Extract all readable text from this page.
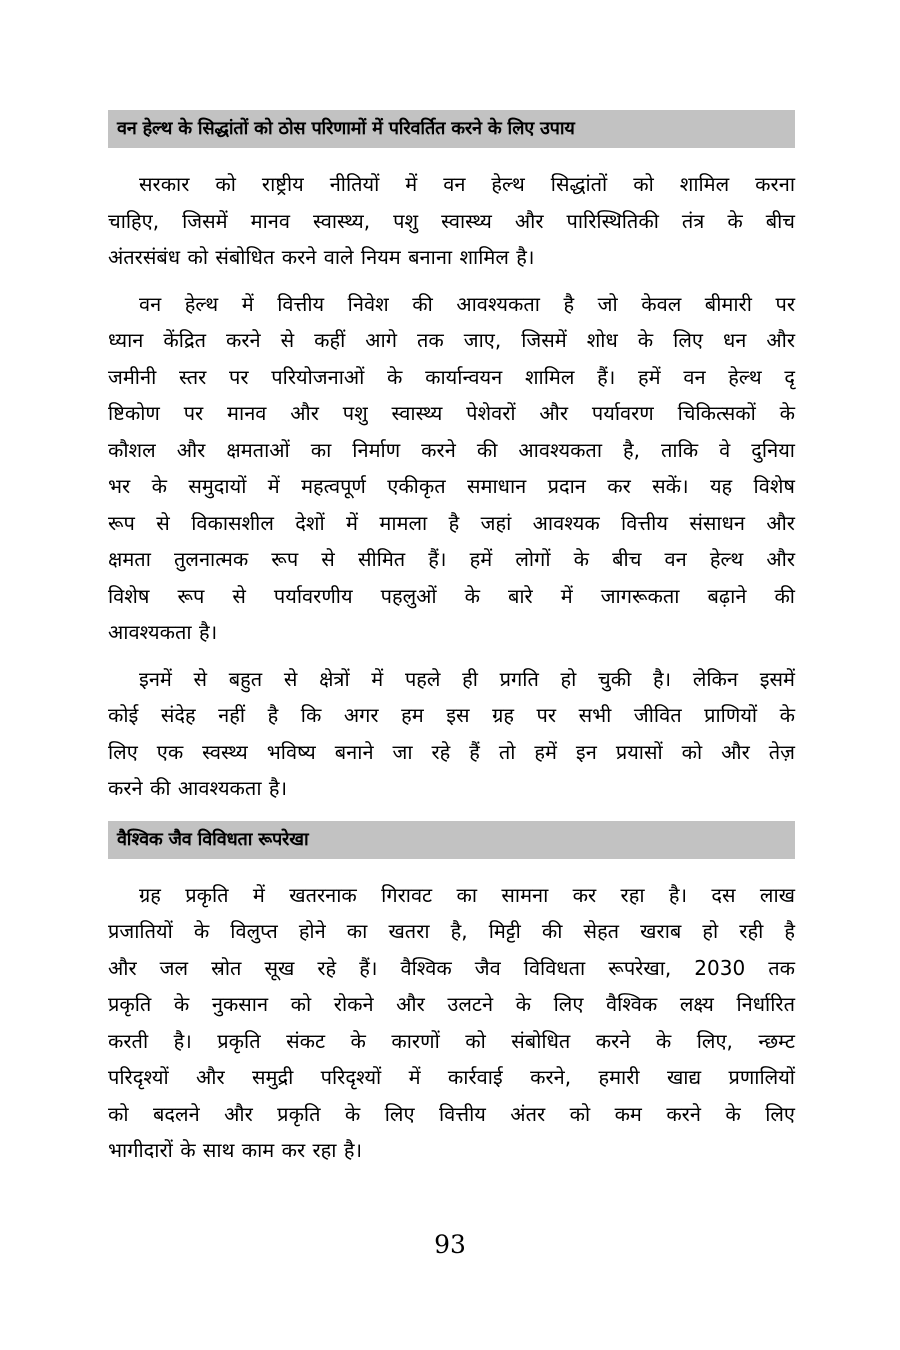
वन हेल्थ के सिद्धांतों को ठोस परिणामों में परिवर्तित करने के लिए उपाय
सरकार को राष्ट्रीय नीतियों में वन हेल्थ सिद्धांतों को शामिल करना
चाहिए, जिसमें मानव स्वास्थ्य, पशु स्वास्थ्य और पारिस्थितिकी तंत्र के बीच
अंतरसंबंध को संबोधित करने वाले नियम बनाना शामिल है।
वन हेल्थ में वित्तीय निवेश की आवश्यकता है जो केवल बीमारी पर
ध्यान केंद्रित करने से कहीं आगे तक जाए, जिसमें शोध के लिए धन और
जमीनी स्तर पर परियोजनाओं के कार्यान्वयन शामिल हैं। हमें वन हेल्थ दृ
ष्टिकोण पर मानव और पशु स्वास्थ्य पेशेवरों और पर्यावरण चिकित्सकों के
कौशल और क्षमताओं का निर्माण करने की आवश्यकता है, ताकि वे दुनिया
भर के समुदायों में महत्वपूर्ण एकीकृत समाधान प्रदान कर सकें। यह विशेष
रूप से विकासशील देशों में मामला है जहां आवश्यक वित्तीय संसाधन और
क्षमता तुलनात्मक रूप से सीमित हैं। हमें लोगों के बीच वन हेल्थ और
विशेष रूप से पर्यावरणीय पहलुओं के बारे में जागरूकता बढ़ाने की
आवश्यकता है।
इनमें से बहुत से क्षेत्रों में पहले ही प्रगति हो चुकी है। लेकिन इसमें
कोई संदेह नहीं है कि अगर हम इस ग्रह पर सभी जीवित प्राणियों के
लिए एक स्वस्थ्य भविष्य बनाने जा रहे हैं तो हमें इन प्रयासों को और तेज़
करने की आवश्यकता है।
वैश्विक जैव विविधता रूपरेखा
ग्रह प्रकृति में खतरनाक गिरावट का सामना कर रहा है। दस लाख
प्रजातियों के विलुप्त होने का खतरा है, मिट्टी की सेहत खराब हो रही है
और जल स्रोत सूख रहे हैं। वैश्विक जैव विविधता रूपरेखा, 2030 तक
प्रकृति के नुकसान को रोकने और उलटने के लिए वैश्विक लक्ष्य निर्धारित
करती है। प्रकृति संकट के कारणों को संबोधित करने के लिए, न्छम्ट
परिदृश्यों और समुद्री परिदृश्यों में कार्रवाई करने, हमारी खाद्य प्रणालियों
को बदलने और प्रकृति के लिए वित्तीय अंतर को कम करने के लिए
भागीदारों के साथ काम कर रहा है।
93
